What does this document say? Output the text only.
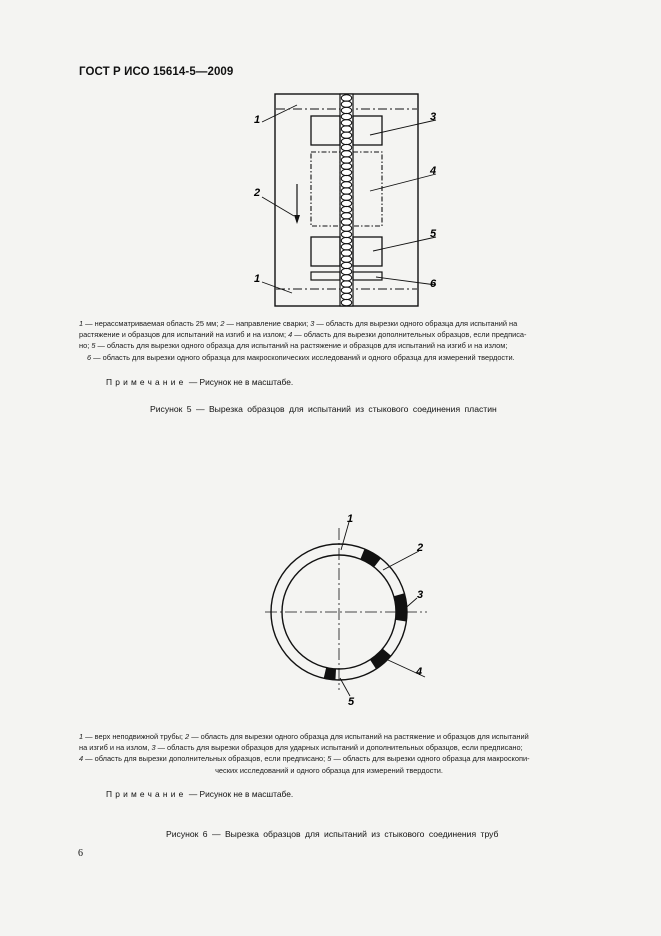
ГОСТ Р ИСО 15614-5—2009
1
2
3
4
5
6
1

1 — нерасcматриваемая область 25 мм; 2 — направление сварки; 3 — область для вырезки одного образца для испытаний на

растяжение и образцов для испытаний на изгиб и на излом; 4 — область для вырезки дополнительных образцов, если предписа-

но; 5 — область для вырезки одного образца для испытаний на растяжение и образцов для испытаний на изгиб и на излом;

6 — область для вырезки одного образца для макроскопических исследований и одного образца для измерений твердости.

Примечание — Рисунок не в масштабе.
Рисунок 5 — Вырезка образцов для испытаний из стыкового соединения пластин
1
2
3
4
5

1 — верх неподвижной трубы; 2 — область для вырезки одного образца для испытаний на растяжение и образцов для испытаний

на изгиб и на излом, 3 — область для вырезки образцов для ударных испытаний и дополнительных образцов, если предписано;

4 — область для вырезки дополнительных образцов, если предписано; 5 — область для вырезки одного образца для макроскопи-

ческих исследований и одного образца для измерений твердости.

Примечание — Рисунок не в масштабе.
Рисунок 6 — Вырезка образцов для испытаний из стыкового соединения труб
6
